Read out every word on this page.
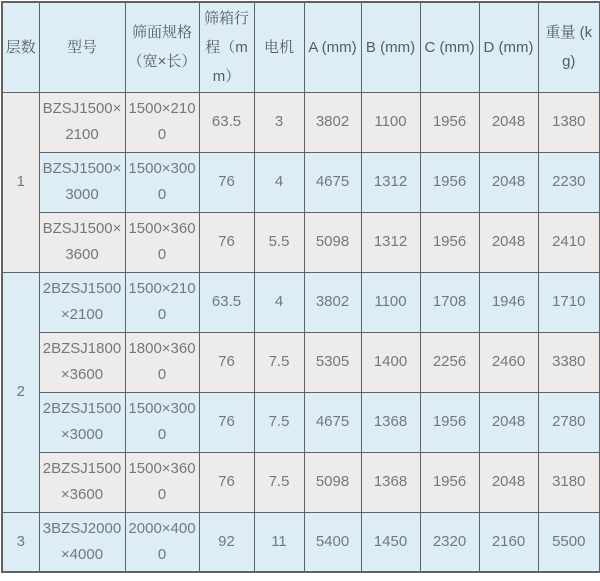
层数	型号	筛面规格（宽×长）	筛箱行程（mm）	电机	A (mm)	B (mm)	C (mm)	D (mm)	重量 (kg)
1	BZSJ1500×2100	1500×2100	63.5	3	3802	1100	1956	2048	1380
	BZSJ1500×3000	1500×3000	76	4	4675	1312	1956	2048	2230
	BZSJ1500×3600	1500×3600	76	5.5	5098	1312	1956	2048	2410
2	2BZSJ1500×2100	1500×2100	63.5	4	3802	1100	1708	1946	1710
	2BZSJ1800×3600	1800×3600	76	7.5	5305	1400	2256	2460	3380
	2BZSJ1500×3000	1500×3000	76	7.5	4675	1368	1956	2048	2780
	2BZSJ1500×3600	1500×3600	76	7.5	5098	1368	1956	2048	3180
3	3BZSJ2000×4000	2000×4000	92	11	5400	1450	2320	2160	5500
